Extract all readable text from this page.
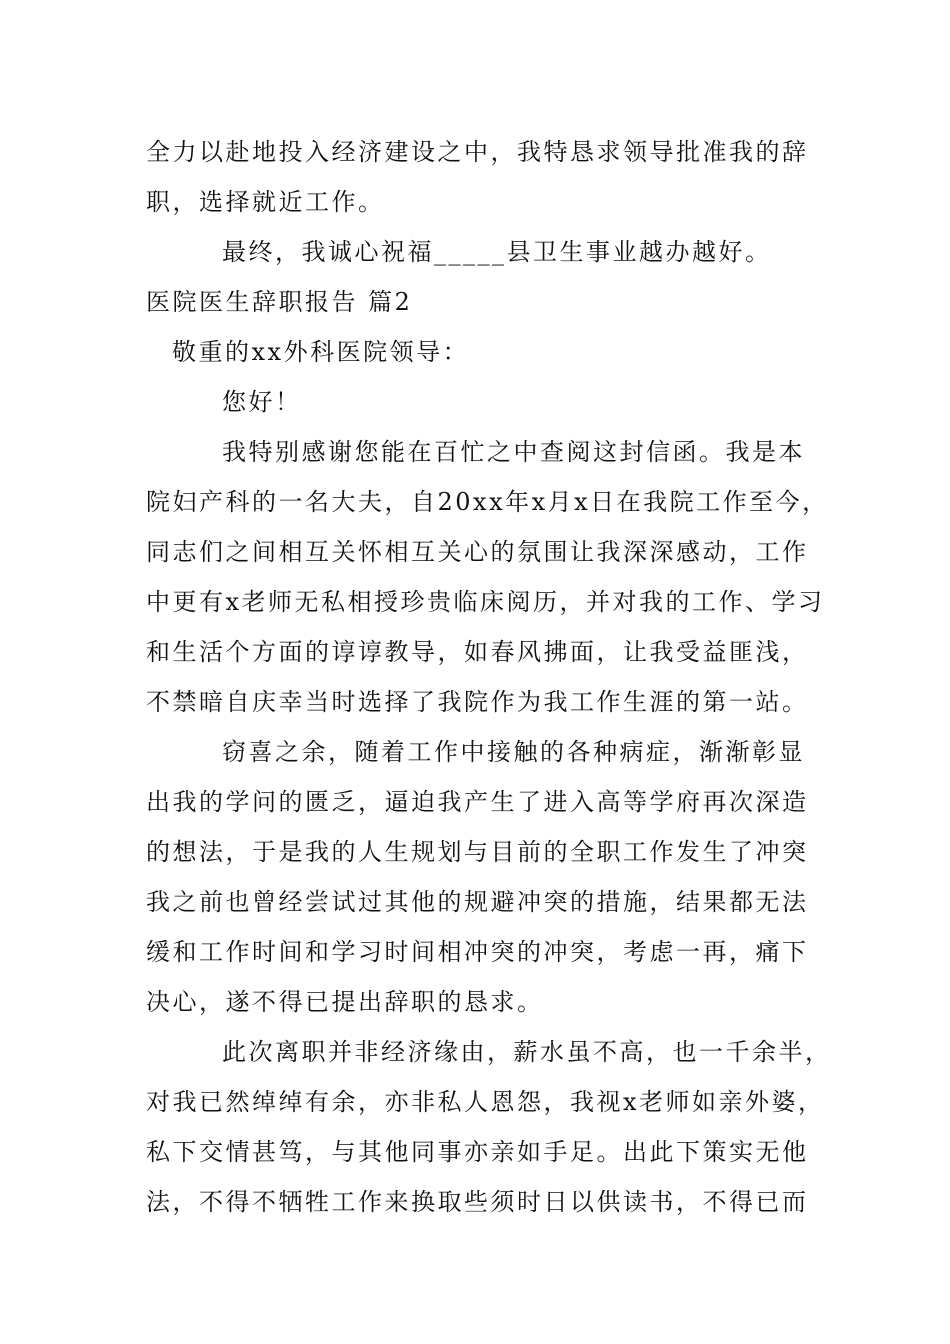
全力以赴地投入经济建设之中，我特恳求领导批准我的辞
职，选择就近工作。
最终，我诚心祝福_____县卫生事业越办越好。
医院医生辞职报告 篇2
敬重的xx外科医院领导：
您好！
我特别感谢您能在百忙之中查阅这封信函。我是本
院妇产科的一名大夫，自20xx年x月x日在我院工作至今，
同志们之间相互关怀相互关心的氛围让我深深感动，工作
中更有x老师无私相授珍贵临床阅历，并对我的工作、学习
和生活个方面的谆谆教导，如春风拂面，让我受益匪浅，
不禁暗自庆幸当时选择了我院作为我工作生涯的第一站。
窃喜之余，随着工作中接触的各种病症，渐渐彰显
出我的学问的匮乏，逼迫我产生了进入高等学府再次深造
的想法，于是我的人生规划与目前的全职工作发生了冲突
我之前也曾经尝试过其他的规避冲突的措施，结果都无法
缓和工作时间和学习时间相冲突的冲突，考虑一再，痛下
决心，遂不得已提出辞职的恳求。
此次离职并非经济缘由，薪水虽不高，也一千余半，
对我已然绰绰有余，亦非私人恩怨，我视x老师如亲外婆，
私下交情甚笃，与其他同事亦亲如手足。出此下策实无他
法，不得不牺牲工作来换取些须时日以供读书，不得已而
